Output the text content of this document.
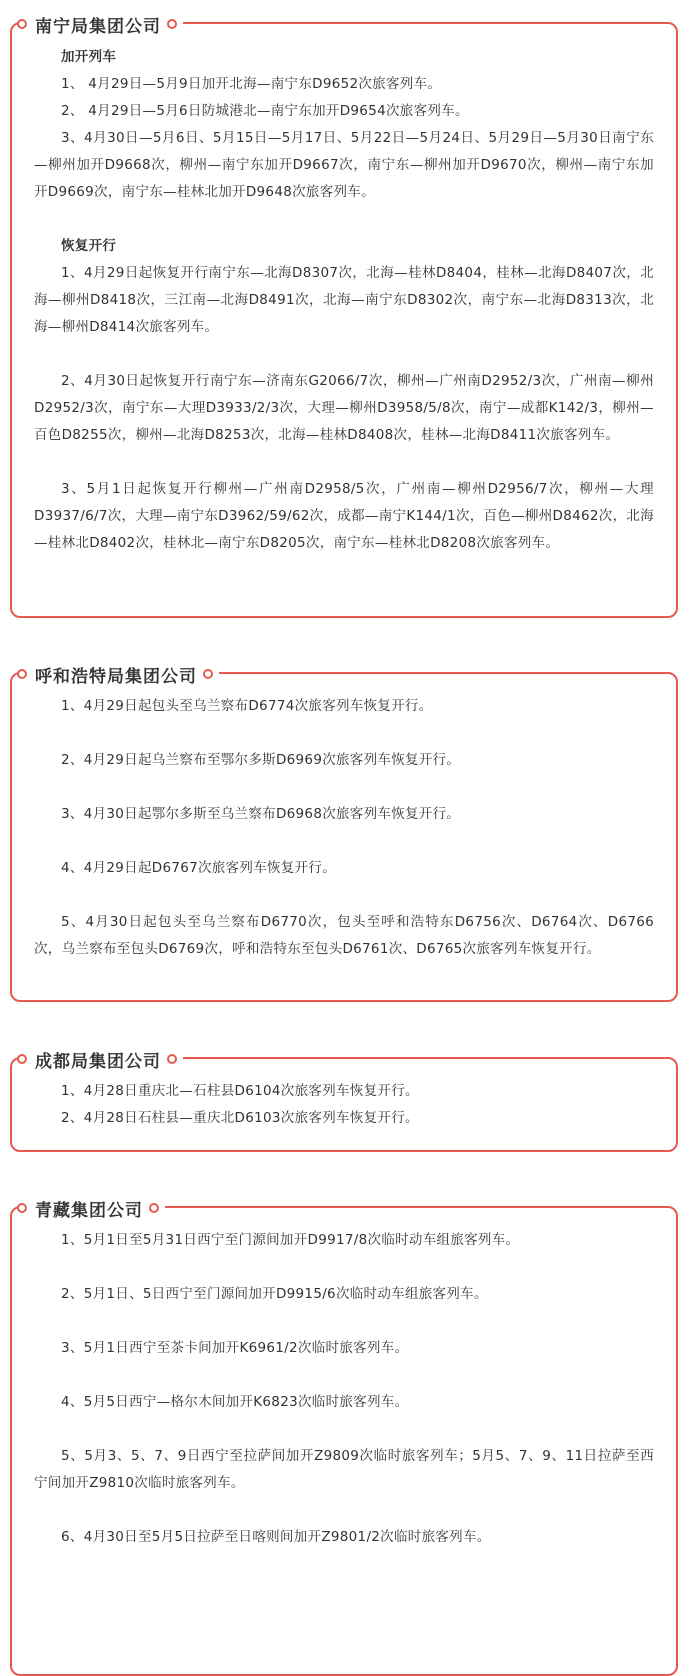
南宁局集团公司

加开列车

1、 4月29日—5月9日加开北海—南宁东D9652次旅客列车。

2、 4月29日—5月6日防城港北—南宁东加开D9654次旅客列车。

3、4月30日—5月6日、5月15日—5月17日、5月22日—5月24日、5月29日—5月30日南宁东—柳州加开D9668次，柳州—南宁东加开D9667次，南宁东—柳州加开D9670次，柳州—南宁东加开D9669次，南宁东—桂林北加开D9648次旅客列车。

恢复开行

1、4月29日起恢复开行南宁东—北海D8307次，北海—桂林D8404，桂林—北海D8407次，北海—柳州D8418次，三江南—北海D8491次，北海—南宁东D8302次，南宁东—北海D8313次，北海—柳州D8414次旅客列车。

2、4月30日起恢复开行南宁东—济南东G2066/7次，柳州—广州南D2952/3次，广州南—柳州D2952/3次，南宁东—大理D3933/2/3次，大理—柳州D3958/5/8次，南宁—成都K142/3，柳州—百色D8255次，柳州—北海D8253次，北海—桂林D8408次，桂林—北海D8411次旅客列车。

3、5月1日起恢复开行柳州—广州南D2958/5次，广州南—柳州D2956/7次，柳州—大理D3937/6/7次，大理—南宁东D3962/59/62次，成都—南宁K144/1次，百色—柳州D8462次，北海—桂林北D8402次，桂林北—南宁东D8205次，南宁东—桂林北D8208次旅客列车。

呼和浩特局集团公司

1、4月29日起包头至乌兰察布D6774次旅客列车恢复开行。

2、4月29日起乌兰察布至鄂尔多斯D6969次旅客列车恢复开行。

3、4月30日起鄂尔多斯至乌兰察布D6968次旅客列车恢复开行。

4、4月29日起D6767次旅客列车恢复开行。

5、4月30日起包头至乌兰察布D6770次，包头至呼和浩特东D6756次、D6764次、D6766次，乌兰察布至包头D6769次，呼和浩特东至包头D6761次、D6765次旅客列车恢复开行。

成都局集团公司

1、4月28日重庆北—石柱县D6104次旅客列车恢复开行。

2、4月28日石柱县—重庆北D6103次旅客列车恢复开行。

青藏集团公司

1、5月1日至5月31日西宁至门源间加开D9917/8次临时动车组旅客列车。

2、5月1日、5日西宁至门源间加开D9915/6次临时动车组旅客列车。

3、5月1日西宁至茶卡间加开K6961/2次临时旅客列车。

4、5月5日西宁—格尔木间加开K6823次临时旅客列车。

5、5月3、5、7、9日西宁至拉萨间加开Z9809次临时旅客列车；5月5、7、9、11日拉萨至西宁间加开Z9810次临时旅客列车。

6、4月30日至5月5日拉萨至日喀则间加开Z9801/2次临时旅客列车。
